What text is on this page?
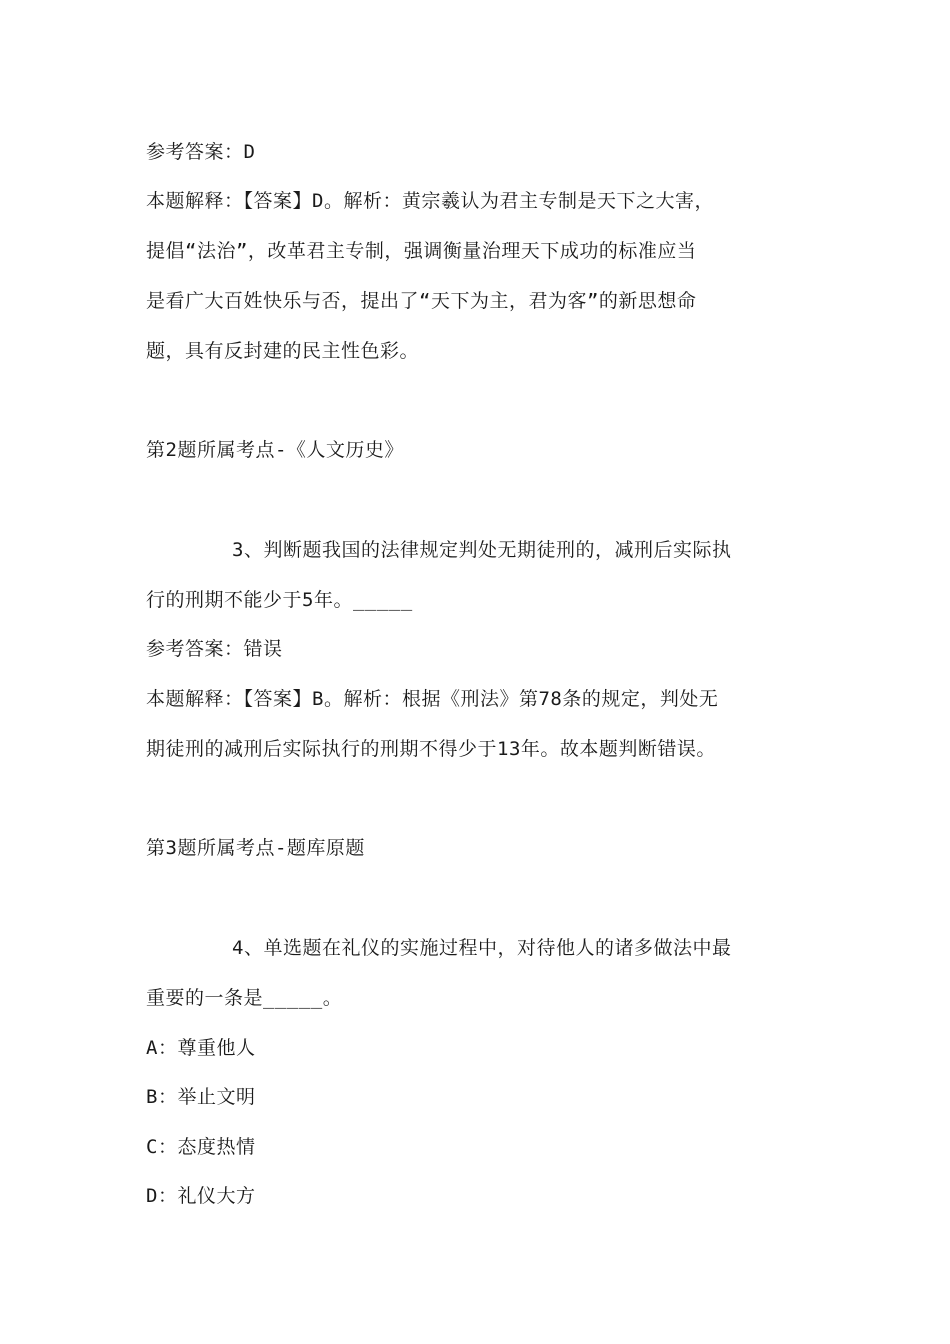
参考答案：D
本题解释：【答案】D。解析：黄宗羲认为君主专制是天下之大害，
提倡“法治”，改革君主专制，强调衡量治理天下成功的标准应当
是看广大百姓快乐与否，提出了“天下为主，君为客”的新思想命
题，具有反封建的民主性色彩。
第2题所属考点-《人文历史》
3、判断题我国的法律规定判处无期徒刑的，减刑后实际执
行的刑期不能少于5年。_____
参考答案：错误
本题解释：【答案】B。解析：根据《刑法》第78条的规定，判处无
期徒刑的减刑后实际执行的刑期不得少于13年。故本题判断错误。
第3题所属考点-题库原题
4、单选题在礼仪的实施过程中，对待他人的诸多做法中最
重要的一条是_____。
A：尊重他人
B：举止文明
C：态度热情
D：礼仪大方
